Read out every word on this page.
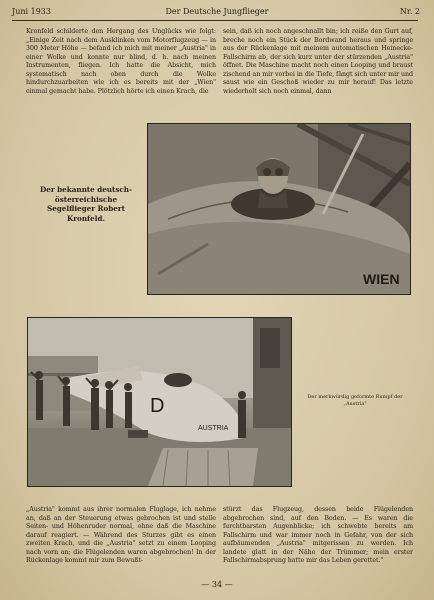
Juni 1933	Der Deutsche Jungflieger	Nr. 2

Kronfeld schilderte den Hergang des Unglücks wie folgt: „Einige Zeit nach dem Ausklinken vom Motorflugzeug — in 300 Meter Höhe — befand ich mich mit meiner „Austria" in einer Wolke und konnte nur blind, d. h. nach meinen Instrumenten, fliegen. Ich hatte die Absicht, mich systematisch nach oben durch die Wolke hindurchzuarbeiten wie ich es bereits mit der „Wien" einmal gemacht habe. Plötzlich hörte ich einen Krach, die

sein, daß ich noch angeschnallt bin; ich reiße den Gurt auf, breche noch ein Stück der Bordwand heraus und springe aus der Rückenlage mit meinem automatischen Heinecke-Fallschirm ab, der sich kurz unter der stürzenden „Austria" öffnet. Die Maschine macht noch einen Looping und braust zischend an mir vorbei in die Tiefe, fängt sich unter mir und saust wie ein Geschoß wieder zu mir herauf! Das letzte wiederholt sich noch einmal, dann

Der bekannte deutsch-österreichische Segelflieger Robert Kronfeld.

WIEN
D
AUSTRIA

Der merkwürdig geformte Rumpf der „Austria"

„Austria" kommt aus ihrer normalen Fluglage, ich nehme an, daß an der Steuerung etwas gebrochen ist und stelle Seiten- und Höhenruder normal, ohne daß die Maschine darauf reagiert. — Während des Sturzes gibt es einen zweiten Krach, und die „Austria" setzt zu einem Looping nach vorn an; die Flügelenden waren abgebrochen! In der Rückenlage kommt mir zum Bewußt-

stürzt das Flugzeug, dessen beide Flügelenden abgebrochen sind, auf den Boden. — Es waren die furchtbarsten Augenblicke; ich schwebte bereits am Fallschirm und war immer noch in Gefahr, von der sich aufbäumenden „Austria" mitgerissen zu werden. Ich landete glatt in der Nähe der Trümmer; mein erster Fallschirmabsprung hatte mir das Leben gerettet."

— 34 —
